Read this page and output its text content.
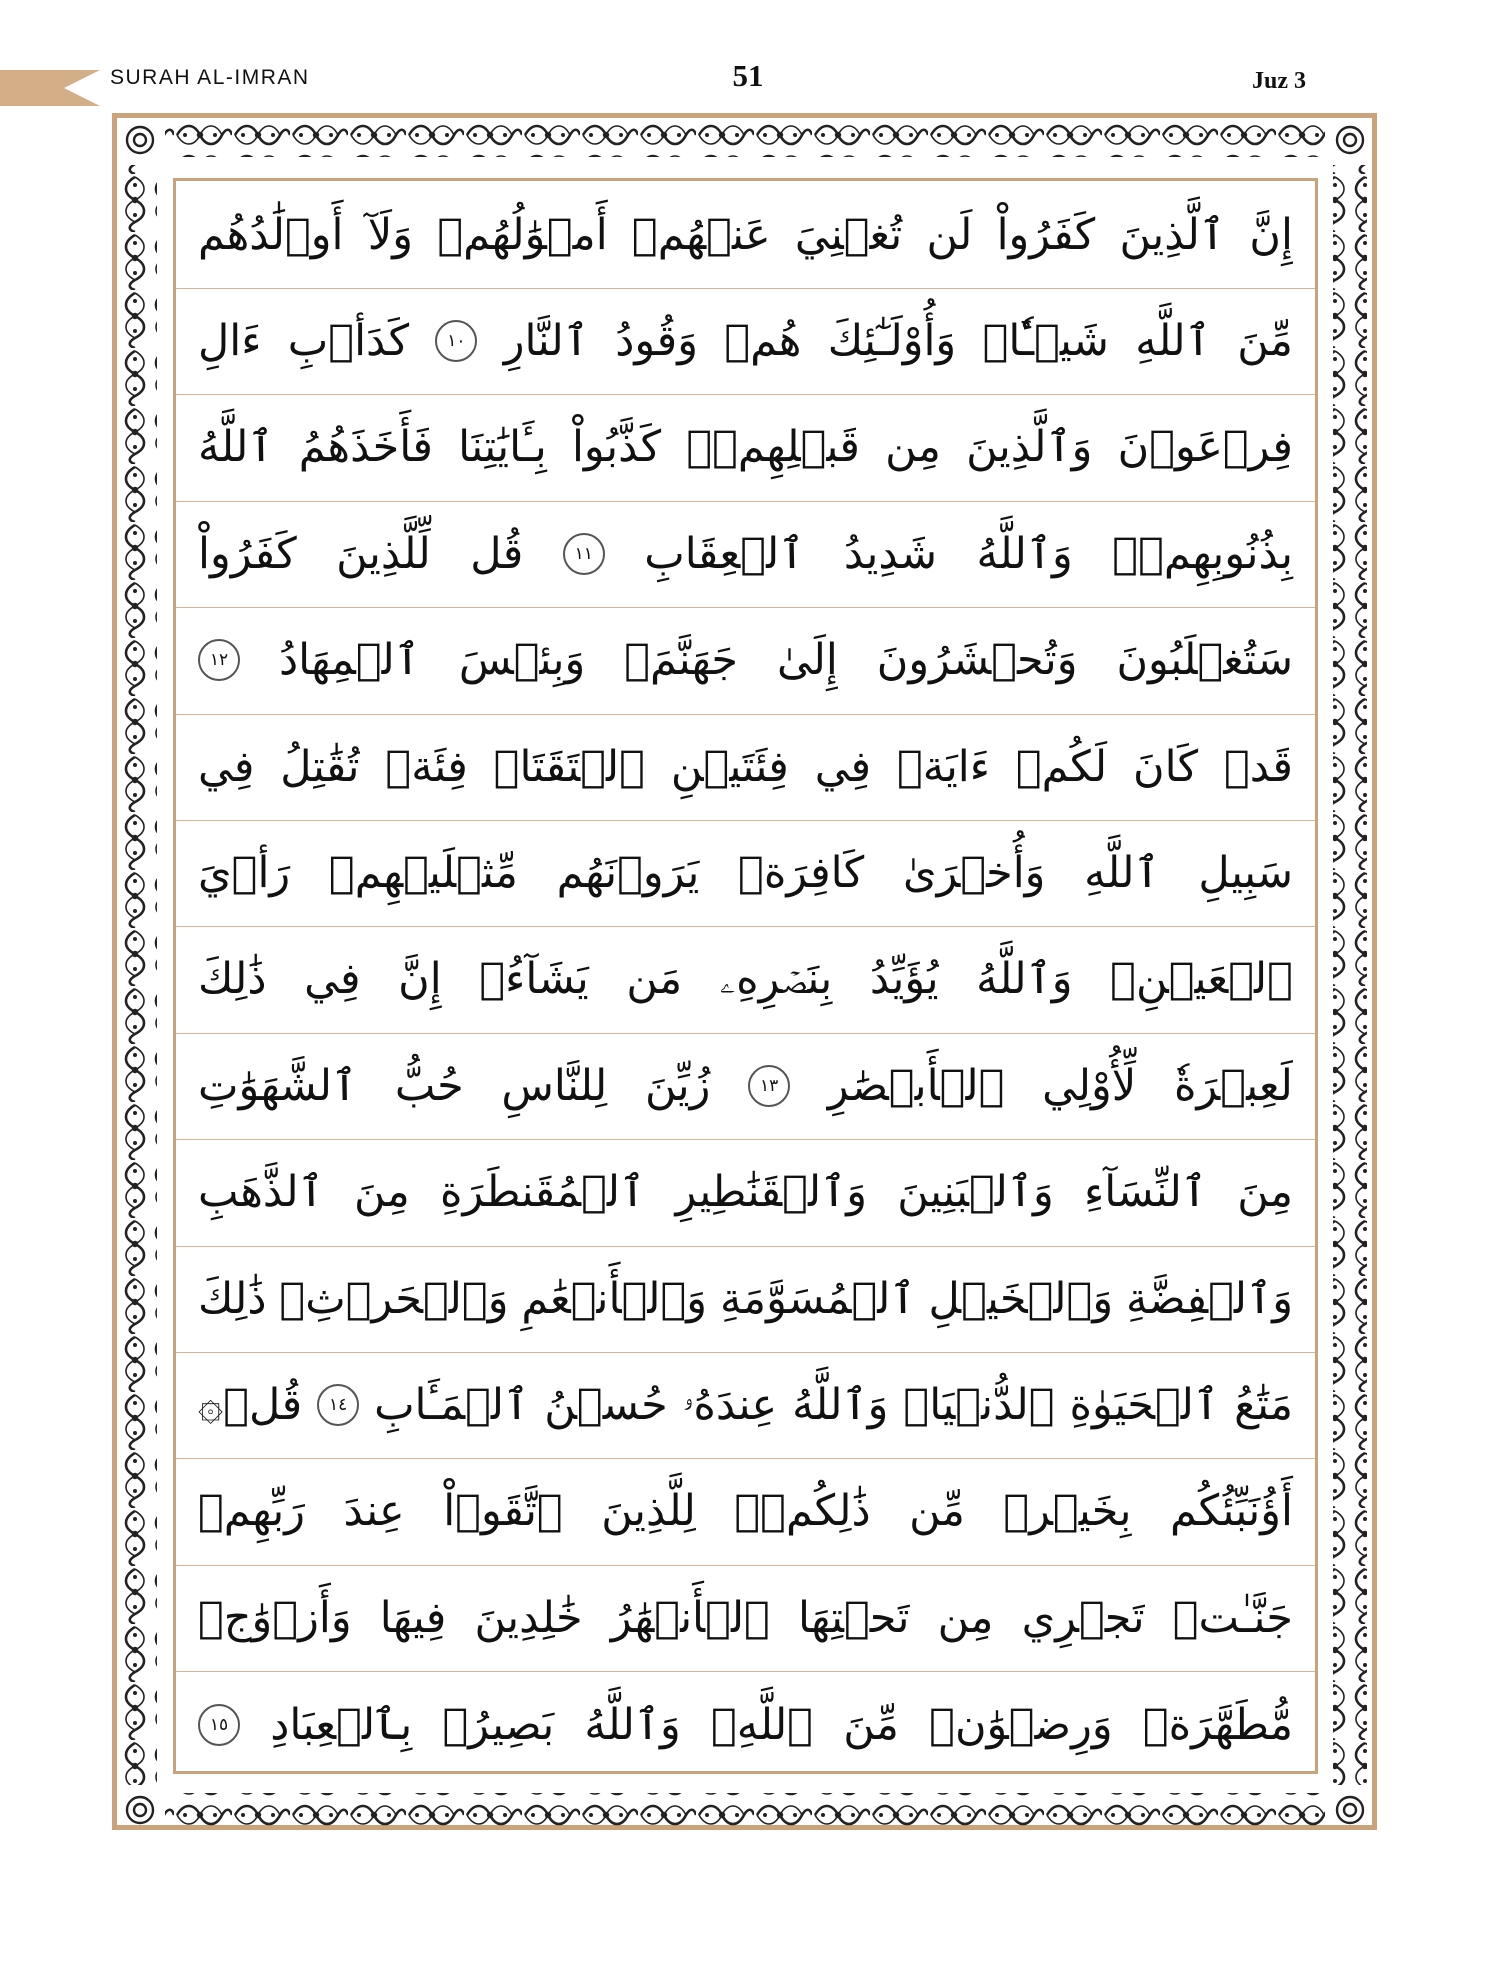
SURAH AL-IMRAN	51	Juz 3
أَوۡلَٰدُهُم وَلَآ أَمۡوَٰلُهُمۡ عَنۡهُمۡ تُغۡنِيَ لَن كَفَرُواْ ٱلَّذِينَ إِنَّ
ءَالِ كَدَأۡبِ	١٠ ٱلنَّارِ وَقُودُ هُمۡ وَأُوْلَـٰٓئِكَ شَيۡـٔٗاۖ ٱللَّهِ مِّنَ
ٱللَّهُ فَأَخَذَهُمُ بِـَٔايَٰتِنَا كَذَّبُواْ قَبۡلِهِمۡۚ مِن وَٱلَّذِينَ فِرۡعَوۡنَ
كَفَرُواْ لِّلَّذِينَ قُل	١١ ٱلۡعِقَابِ شَدِيدُ وَٱللَّهُ بِذُنُوبِهِمۡۗ
١٢ ٱلۡمِهَادُ وَبِئۡسَ جَهَنَّمَۖ إِلَىٰ وَتُحۡشَرُونَ سَتُغۡلَبُونَ
فِي تُقَٰتِلُ فِئَةٞ ٱلۡتَقَتَاۖ فِئَتَيۡنِ فِي ءَايَةٞ لَكُمۡ كَانَ قَدۡ
رَأۡيَ مِّثۡلَيۡهِمۡ يَرَوۡنَهُم كَافِرَةٞ وَأُخۡرَىٰ ٱللَّهِ سَبِيلِ
ذَٰلِكَ فِي إِنَّ يَشَآءُۚ مَن بِنَصۡرِهِۦ يُؤَيِّدُ وَٱللَّهُ ٱلۡعَيۡنِۚ
ٱلشَّهَوَٰتِ حُبُّ لِلنَّاسِ زُيِّنَ	١٣ ٱلۡأَبۡصَٰرِ لِّأُوْلِي لَعِبۡرَةٗ
ٱلذَّهَبِ مِنَ ٱلۡمُقَنطَرَةِ وَٱلۡقَنَٰطِيرِ وَٱلۡبَنِينَ ٱلنِّسَآءِ مِنَ
ذَٰلِكَ وَٱلۡحَرۡثِۗ وَٱلۡأَنۡعَٰمِ ٱلۡمُسَوَّمَةِ وَٱلۡخَيۡلِ وَٱلۡفِضَّةِ
۞قُلۡ	١٤ ٱلۡمَـَٔابِ حُسۡنُ عِندَهُۥ وَٱللَّهُ ٱلدُّنۡيَاۖ ٱلۡحَيَوٰةِ مَتَٰعُ
رَبِّهِمۡ عِندَ ٱتَّقَوۡاْ لِلَّذِينَ ذَٰلِكُمۡۖ مِّن بِخَيۡرٖ أَؤُنَبِّئُكُم
وَأَزۡوَٰجٞ فِيهَا خَٰلِدِينَ ٱلۡأَنۡهَٰرُ تَحۡتِهَا مِن تَجۡرِي جَنَّـٰتٞ
١٥ بِٱلۡعِبَادِ بَصِيرُۢ وَٱللَّهُ ٱللَّهِۗ مِّنَ وَرِضۡوَٰنٞ مُّطَهَّرَةٞ
